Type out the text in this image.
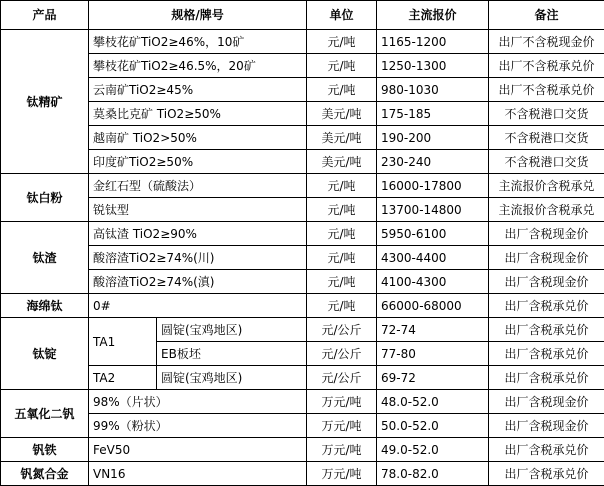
产品	规格/牌号		单位	主流报价	备注
钛精矿	攀枝花矿TiO2≥46%，10矿		元/吨	1165-1200	出厂不含税现金价
	攀枝花矿TiO2≥46.5%，20矿		元/吨	1250-1300	出厂不含税承兑价
	云南矿TiO2≥45%		元/吨	980-1030	出厂不含税承兑价
	莫桑比克矿 TiO2≥50%		美元/吨	175-185	不含税港口交货
	越南矿 TiO2>50%		美元/吨	190-200	不含税港口交货
	印度矿TiO2≥50%		美元/吨	230-240	不含税港口交货
钛白粉	金红石型（硫酸法）		元/吨	16000-17800	主流报价含税承兑
	锐钛型		元/吨	13700-14800	主流报价含税承兑
钛渣	高钛渣 TiO2≥90%		元/吨	5950-6100	出厂含税现金价
	酸溶渣TiO2≥74%(川)		元/吨	4300-4400	出厂含税现金价
	酸溶渣TiO2≥74%(滇)		元/吨	4100-4300	出厂含税现金价
海绵钛	0#		元/吨	66000-68000	出厂含税承兑价
钛锭	TA1	圆锭(宝鸡地区)	元/公斤	72-74	出厂含税承兑价
		EB板坯	元/公斤	77-80	出厂含税承兑价
	TA2	圆锭(宝鸡地区)	元/公斤	69-72	出厂含税承兑价
五氧化二钒	98%（片状）		万元/吨	48.0-52.0	出厂含税现金价
	99%（粉状）		万元/吨	50.0-52.0	出厂含税现金价
钒铁	FeV50		万元/吨	49.0-52.0	出厂含税承兑价
钒氮合金	VN16		万元/吨	78.0-82.0	出厂含税承兑价
